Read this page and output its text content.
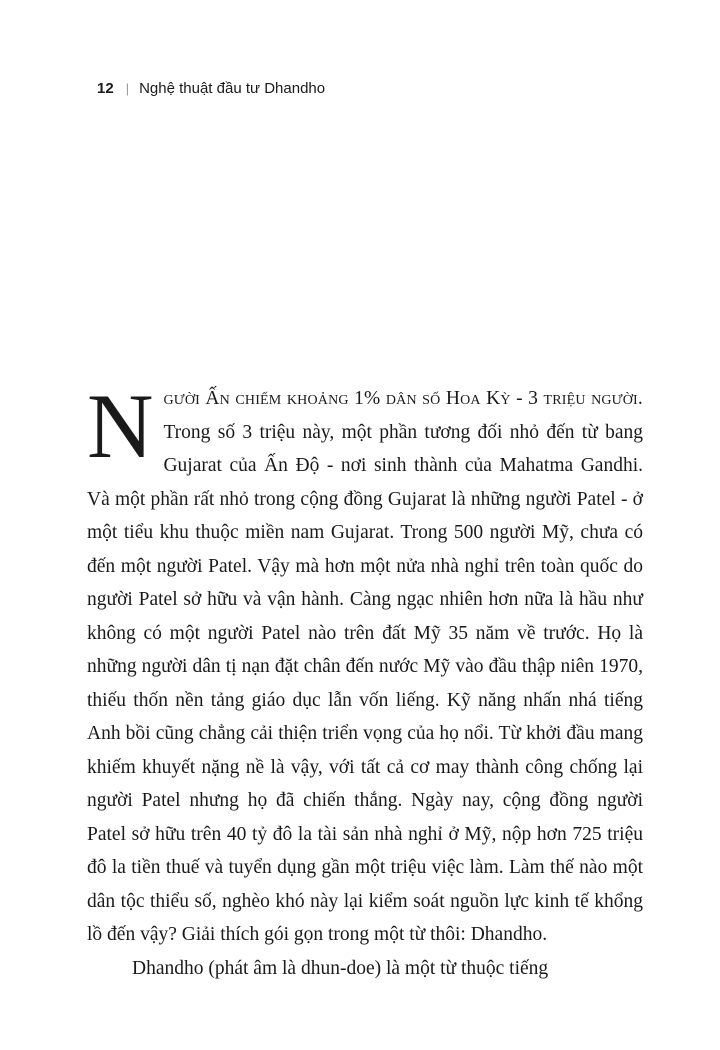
12 | Nghệ thuật đầu tư Dhandho

Người Ấn chiếm khoảng 1% dân số Hoa Kỳ - 3 triệu người. Trong số 3 triệu này, một phần tương đối nhỏ đến từ bang Gujarat của Ấn Độ - nơi sinh thành của Mahatma Gandhi. Và một phần rất nhỏ trong cộng đồng Gujarat là những người Patel - ở một tiểu khu thuộc miền nam Gujarat. Trong 500 người Mỹ, chưa có đến một người Patel. Vậy mà hơn một nửa nhà nghỉ trên toàn quốc do người Patel sở hữu và vận hành. Càng ngạc nhiên hơn nữa là hầu như không có một người Patel nào trên đất Mỹ 35 năm về trước. Họ là những người dân tị nạn đặt chân đến nước Mỹ vào đầu thập niên 1970, thiếu thốn nền tảng giáo dục lẫn vốn liếng. Kỹ năng nhấn nhá tiếng Anh bồi cũng chẳng cải thiện triển vọng của họ nổi. Từ khởi đầu mang khiếm khuyết nặng nề là vậy, với tất cả cơ may thành công chống lại người Patel nhưng họ đã chiến thắng. Ngày nay, cộng đồng người Patel sở hữu trên 40 tỷ đô la tài sản nhà nghỉ ở Mỹ, nộp hơn 725 triệu đô la tiền thuế và tuyển dụng gần một triệu việc làm. Làm thế nào một dân tộc thiểu số, nghèo khó này lại kiểm soát nguồn lực kinh tế khổng lồ đến vậy? Giải thích gói gọn trong một từ thôi: Dhandho.

Dhandho (phát âm là dhun-doe) là một từ thuộc tiếng
